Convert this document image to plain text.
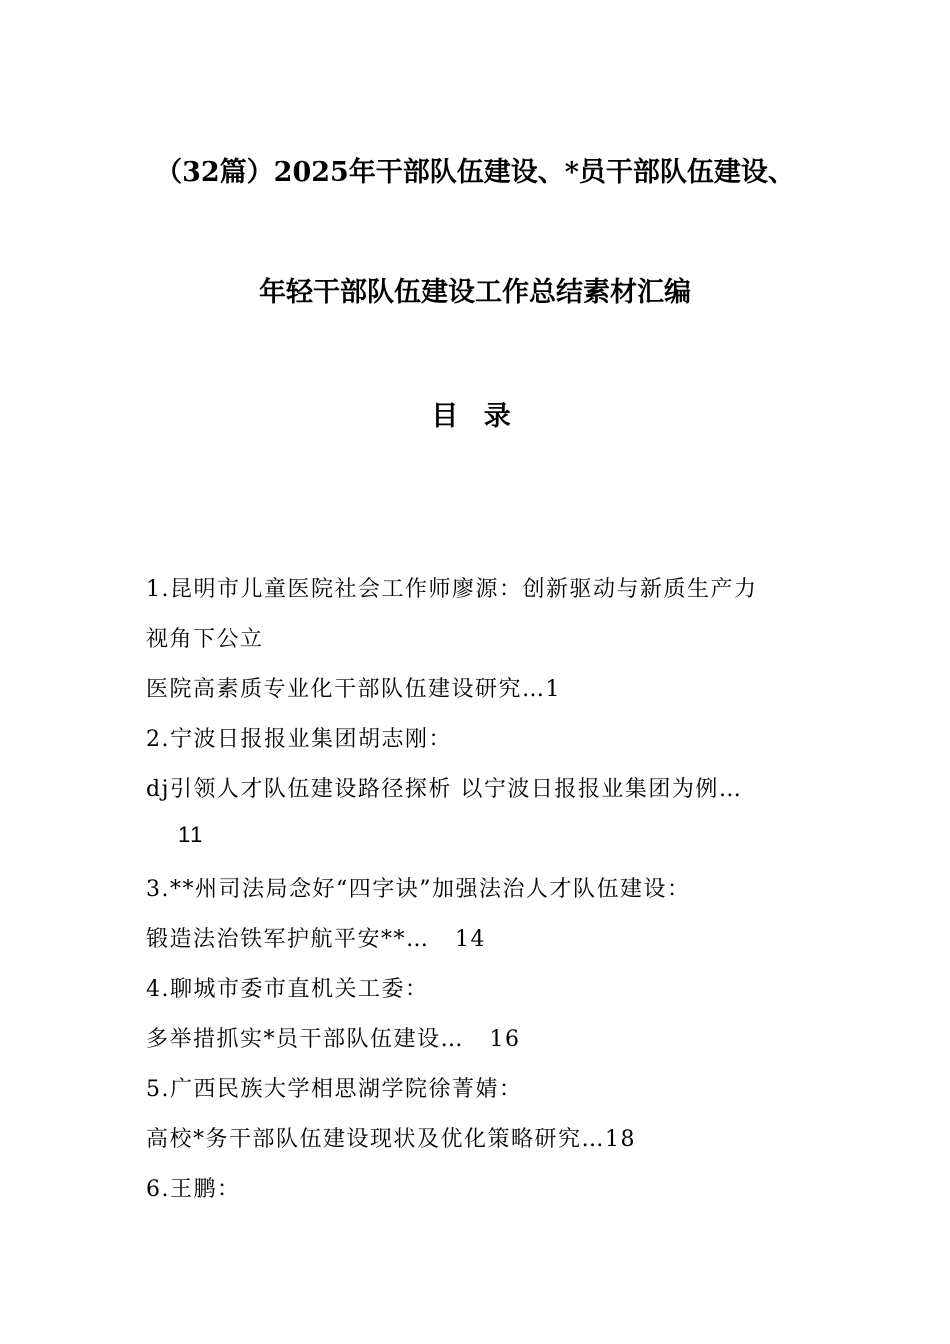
（32篇）2025年干部队伍建设、*员干部队伍建设、
年轻干部队伍建设工作总结素材汇编
目 录
1.昆明市儿童医院社会工作师廖源：创新驱动与新质生产力
视角下公立
医院高素质专业化干部队伍建设研究…1
2.宁波日报报业集团胡志刚：
dj引领人才队伍建设路径探析 以宁波日报报业集团为例…
11
3.**州司法局念好“四字诀”加强法治人才队伍建设：
锻造法治铁军护航平安**…   14
4.聊城市委市直机关工委：
多举措抓实*员干部队伍建设…   16
5.广西民族大学相思湖学院徐菁婧：
高校*务干部队伍建设现状及优化策略研究…18
6.王鹏：
